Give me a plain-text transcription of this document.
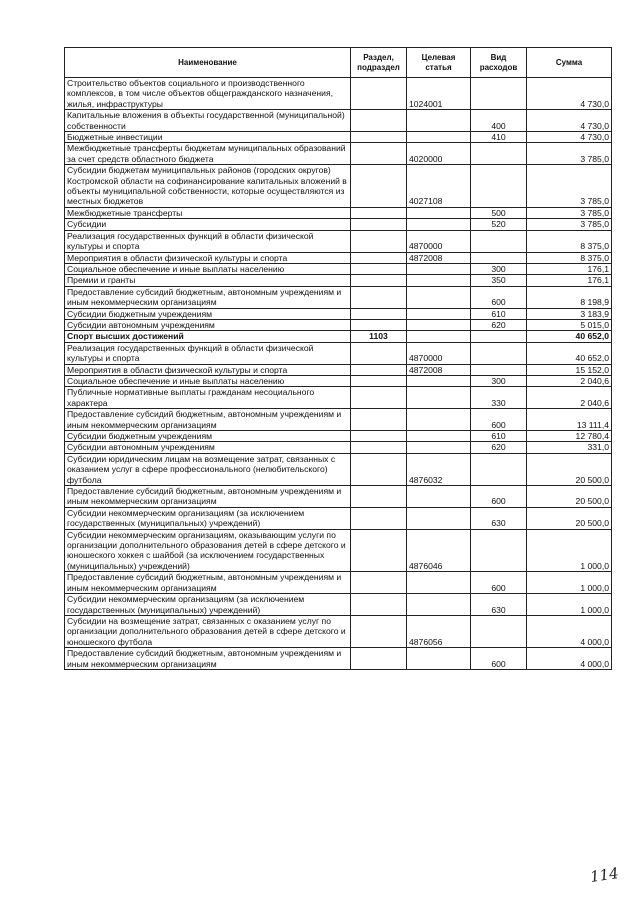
Наименование	Раздел, подраздел	Целевая статья	Вид расходов	Сумма
Строительство объектов социального и производственного комплексов, в том числе объектов общегражданского назначения, жилья, инфраструктуры		1024001		4 730,0
Капитальные вложения в объекты государственной (муниципальной) собственности			400	4 730,0
Бюджетные инвестиции			410	4 730,0
Межбюджетные трансферты бюджетам муниципальных образований за счет средств областного бюджета		4020000		3 785,0
Субсидии бюджетам муниципальных районов (городских округов) Костромской области на софинансирование капитальных вложений в объекты муниципальной собственности, которые осуществляются из местных бюджетов		4027108		3 785,0
Межбюджетные трансферты			500	3 785,0
Субсидии			520	3 785,0
Реализация государственных функций в области физической культуры и спорта		4870000		8 375,0
Мероприятия в области физической культуры и спорта		4872008		8 375,0
Социальное обеспечение и иные выплаты населению			300	176,1
Премии и гранты			350	176,1
Предоставление субсидий бюджетным, автономным учреждениям и иным некоммерческим организациям			600	8 198,9
Субсидии бюджетным учреждениям			610	3 183,9
Субсидии автономным учреждениям			620	5 015,0
Спорт высших достижений	1103			40 652,0
Реализация государственных функций в области физической культуры и спорта		4870000		40 652,0
Мероприятия в области физической культуры и спорта		4872008		15 152,0
Социальное обеспечение и иные выплаты населению			300	2 040,6
Публичные нормативные выплаты гражданам несоциального характера			330	2 040,6
Предоставление субсидий бюджетным, автономным учреждениям и иным некоммерческим организациям			600	13 111,4
Субсидии бюджетным учреждениям			610	12 780,4
Субсидии автономным учреждениям			620	331,0
Субсидии юридическим лицам на возмещение затрат, связанных с оказанием услуг в сфере профессионального (нелюбительского) футбола		4876032		20 500,0
Предоставление субсидий бюджетным, автономным учреждениям и иным некоммерческим организациям			600	20 500,0
Субсидии некоммерческим организациям (за исключением государственных (муниципальных) учреждений)			630	20 500,0
Субсидии некоммерческим организациям, оказывающим услуги по организации дополнительного образования детей в сфере детского и юношеского хоккея с шайбой (за исключением государственных (муниципальных) учреждений)		4876046		1 000,0
Предоставление субсидий бюджетным, автономным учреждениям и иным некоммерческим организациям			600	1 000,0
Субсидии некоммерческим организациям (за исключением государственных (муниципальных) учреждений)			630	1 000,0
Субсидии на возмещение затрат, связанных с оказанием услуг по организации дополнительного образования детей в сфере детского и юношеского футбола		4876056		4 000,0
Предоставление субсидий бюджетным, автономным учреждениям и иным некоммерческим организациям			600	4 000,0
114
